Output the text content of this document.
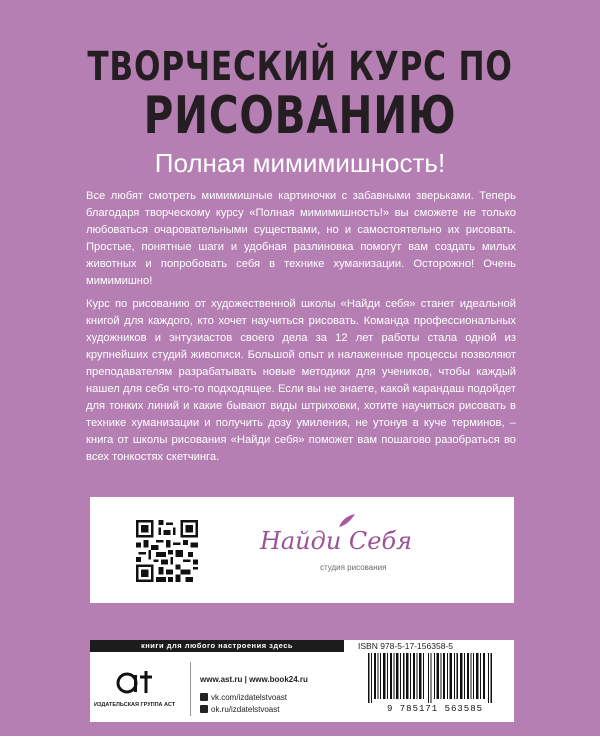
ТВОРЧЕСКИЙ КУРС ПО
РИСОВАНИЮ
Полная мимимишность!
Все любят смотреть мимимишные картиночки с забавными зверьками. Теперь благодаря творческому курсу «Полная мимимишность!» вы сможете не только любоваться очаровательными существами, но и самостоятельно их рисовать. Простые, понятные шаги и удобная разлиновка помогут вам создать милых животных и попробовать себя в технике хуманизации. Осторожно! Очень мимимишно!
Курс по рисованию от художественной школы «Найди себя» станет идеальной книгой для каждого, кто хочет научиться рисовать. Команда профессиональных художников и энтузиастов своего дела за 12 лет работы стала одной из крупнейших студий живописи. Большой опыт и налаженные процессы позволяют преподавателям разрабатывать новые методики для учеников, чтобы каждый нашел для себя что-то подходящее. Если вы не знаете, какой карандаш подойдет для тонких линий и какие бывают виды штриховки, хотите научиться рисовать в технике хуманизации и получить дозу умиления, не утонув в куче терминов, – книга от школы рисования «Найди себя» поможет вам пошагово разобраться во всех тонкостях скетчинга.
Найди Себя
студия рисования
книги для любого настроения здесь	ISBN 978-5-17-156358-5
9 785171 563585
ИЗДАТЕЛЬСКАЯ ГРУППА АСТ
www.ast.ru | www.book24.ru
vk.com/izdatelstvoast
ok.ru/izdatelstvoast
